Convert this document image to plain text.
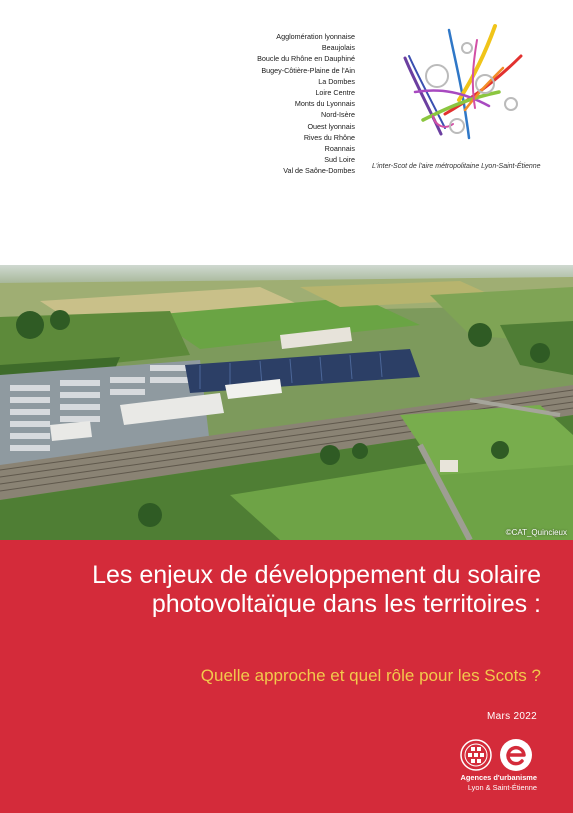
Agglomération lyonnaise
Beaujolais
Boucle du Rhône en Dauphiné
Bugey-Côtière-Plaine de l'Ain
La Dombes
Loire Centre
Monts du Lyonnais
Nord-Isère
Ouest lyonnais
Rives du Rhône
Roannais
Sud Loire
Val de Saône-Dombes L'inter-Scot de l'aire métropolitaine Lyon-Saint-Étienne
©CAT_Quincieux
Les enjeux de développement du solaire photovoltaïque dans les territoires :

Quelle approche et quel rôle pour les Scots ?

Mars 2022
Agences d'urbanisme
Lyon & Saint-Étienne
